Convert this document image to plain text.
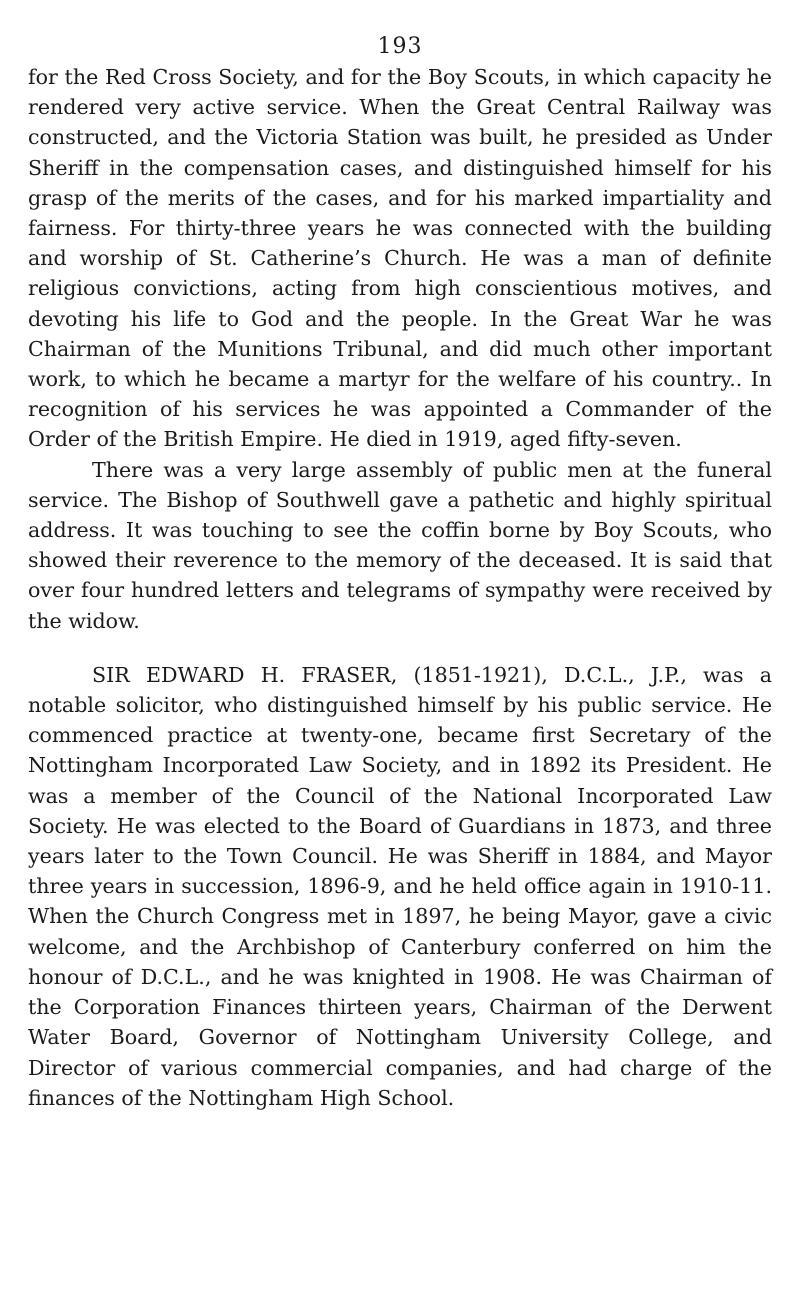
193

for the Red Cross Society, and for the Boy Scouts, in which capacity he rendered very active service. When the Great Central Railway was constructed, and the Victoria Station was built, he presided as Under Sheriff in the compensation cases, and distinguished himself for his grasp of the merits of the cases, and for his marked impartiality and fairness. For thirty-three years he was connected with the building and worship of St. Catherine’s Church. He was a man of definite religious convictions, acting from high conscientious motives, and devoting his life to God and the people. In the Great War he was Chairman of the Munitions Tribunal, and did much other important work, to which he became a martyr for the welfare of his country.. In recognition of his services he was appointed a Commander of the Order of the British Empire. He died in 1919, aged fifty-seven.

There was a very large assembly of public men at the funeral service. The Bishop of Southwell gave a pathetic and highly spiritual address. It was touching to see the coffin borne by Boy Scouts, who showed their reverence to the memory of the deceased. It is said that over four hundred letters and telegrams of sympathy were received by the widow.

SIR EDWARD H. FRASER, (1851-1921), D.C.L., J.P., was a notable solicitor, who distinguished himself by his public service. He commenced practice at twenty-one, became first Secretary of the Nottingham Incorporated Law Society, and in 1892 its President. He was a member of the Council of the National Incorporated Law Society. He was elected to the Board of Guardians in 1873, and three years later to the Town Council. He was Sheriff in 1884, and Mayor three years in succession, 1896-9, and he held office again in 1910-11. When the Church Congress met in 1897, he being Mayor, gave a civic welcome, and the Archbishop of Canterbury conferred on him the honour of D.C.L., and he was knighted in 1908. He was Chairman of the Corporation Finances thirteen years, Chairman of the Derwent Water Board, Governor of Nottingham University College, and Director of various commercial companies, and had charge of the finances of the Nottingham High School.
